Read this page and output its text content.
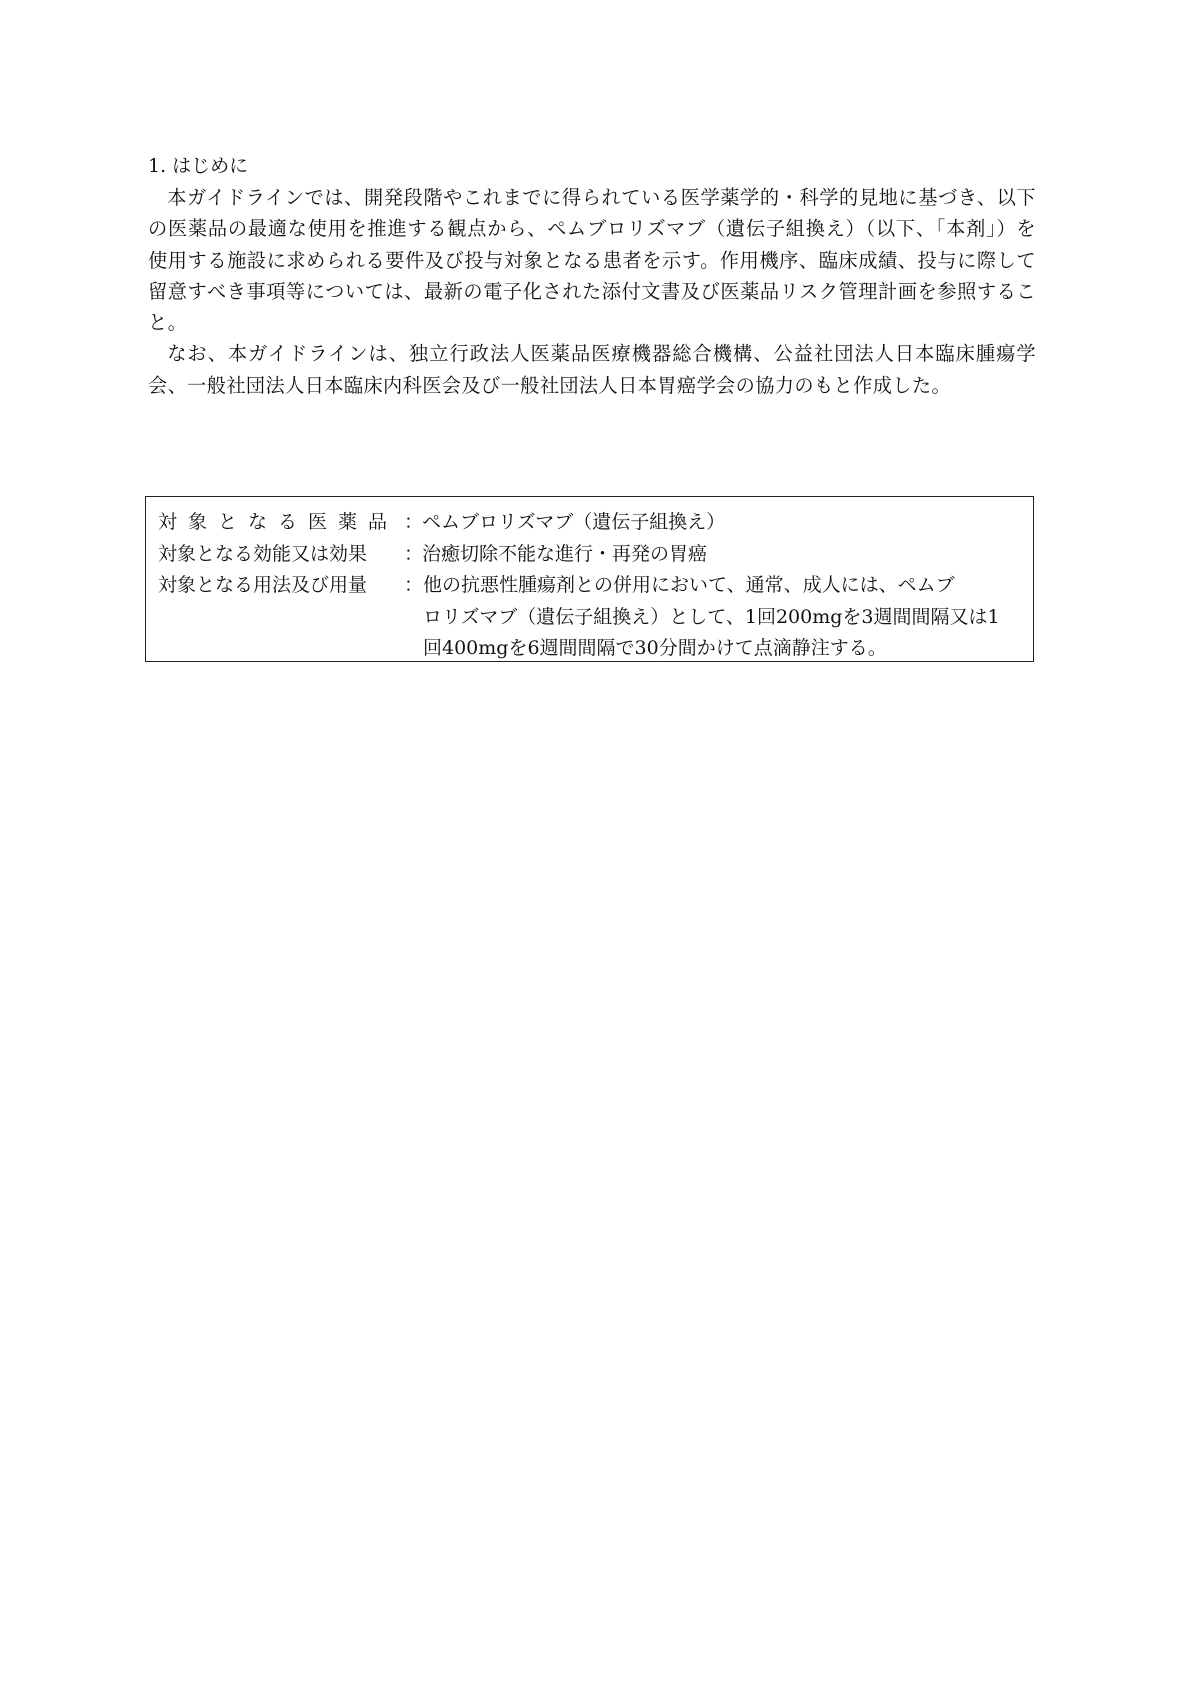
1. はじめに

本ガイドラインでは、開発段階やこれまでに得られている医学薬学的・科学的見地に基づき、以下の医薬品の最適な使用を推進する観点から、ペムブロリズマブ（遺伝子組換え）（以下、「本剤」）を使用する施設に求められる要件及び投与対象となる患者を示す。作用機序、臨床成績、投与に際して留意すべき事項等については、最新の電子化された添付文書及び医薬品リスク管理計画を参照すること。

なお、本ガイドラインは、独立行政法人医薬品医療機器総合機構、公益社団法人日本臨床腫瘍学会、一般社団法人日本臨床内科医会及び一般社団法人日本胃癌学会の協力のもと作成した。

対象となる医薬品 ：ペムブロリズマブ（遺伝子組換え）
対象となる効能又は効果 ：治癒切除不能な進行・再発の胃癌
対象となる用法及び用量 ： 他の抗悪性腫瘍剤との併用において、通常、成人には、ペムブ
ロリズマブ（遺伝子組換え）として、1回200mgを3週間間隔又は1
回400mgを6週間間隔で30分間かけて点滴静注する。
